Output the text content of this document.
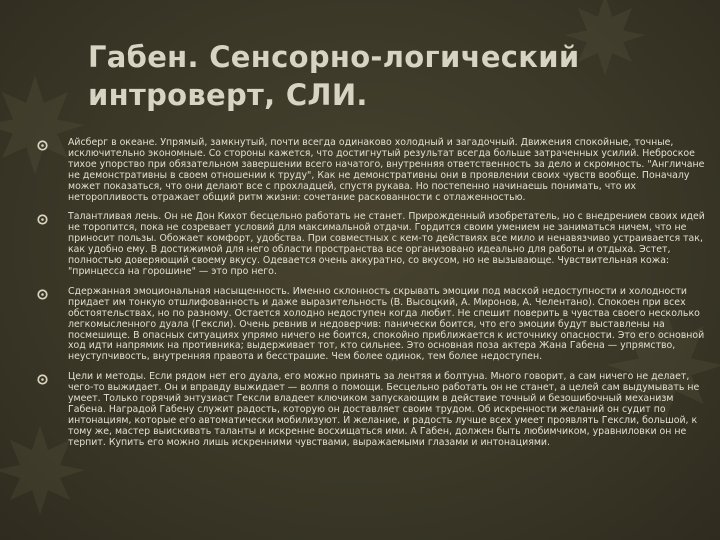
Габен. Сенсорно-логический интроверт, СЛИ.
Айсберг в океане. Упрямый, замкнутый, почти всегда одинаково холодный и загадочный. Движения спокойные, точные, исключительно экономные. Со стороны кажется, что достигнутый результат всегда больше затраченных усилий. Неброское тихое упорство при обязательном завершении всего начатого, внутренняя ответственность за дело и скромность. "Англичане не демонстративны в своем отношении к труду", Как не демонстративны они в проявлении своих чувств вообще. Поначалу может показаться, что они делают все с прохладцей, спустя рукава. Но постепенно начинаешь понимать, что их неторопливость отражает общий ритм жизни: сочетание раскованности с отлаженностью.
Талантливая лень. Он не Дон Кихот бесцельно работать не станет. Прирожденный изобретатель, но с внедрением своих идей не торопится, пока не созревает условий для максимальной отдачи. Гордится своим умением не заниматься ничем, что не приносит пользы. Обожает комфорт, удобства. При совместных с кем-то действиях все мило и ненавязчиво устраивается так, как удобно ему. В достижимой для него области пространства все организовано идеально для работы и отдыха. Эстет, полностью доверяющий своему вкусу. Одевается очень аккуратно, со вкусом, но не вызывающе. Чувствительная кожа: "принцесса на горошине" — это про него.
Сдержанная эмоциональная насыщенность. Именно склонность скрывать эмоции под маской недоступности и холодности придает им тонкую отшлифованность и даже выразительность (В. Высоцкий, А. Миронов, А. Челентано). Спокоен при всех обстоятельствах, но по разному. Остается холодно недоступен когда любит. Не спешит поверить в чувства своего несколько легкомысленного дуала (Гексли). Очень ревнив и недоверчив: панически боится, что его эмоции будут выставлены на посмешище. В опасных ситуациях упрямо ничего не боится, спокойно приближается к источнику опасности. Это его основной ход идти напрямик на противника; выдерживает тот, кто сильнее. Это основная поза актера Жана Габена — упрямство, неуступчивость, внутренняя правота и бесстрашие. Чем более одинок, тем более недоступен.
Цели и методы. Если рядом нет его дуала, его можно принять за лентяя и болтуна. Много говорит, а сам ничего не делает, чего-то выжидает. Он и вправду выжидает — волпя о помощи. Бесцельно работать он не станет, а целей сам выдумывать не умеет. Только горячий энтузиаст Гексли владеет ключиком запускающим в действие точный и безошибочный механизм Габена. Наградой Габену служит радость, которую он доставляет своим трудом. Об искренности желаний он судит по интонациям, которые его автоматически мобилизуют. И желание, и радость лучше всех умеет проявлять Гексли, большой, к тому же, мастер выискивать таланты и искренне восхищаться ими. А Габен, должен быть любимчиком, уравниловки он не терпит. Купить его можно лишь искренними чувствами, выражаемыми глазами и интонациями.
